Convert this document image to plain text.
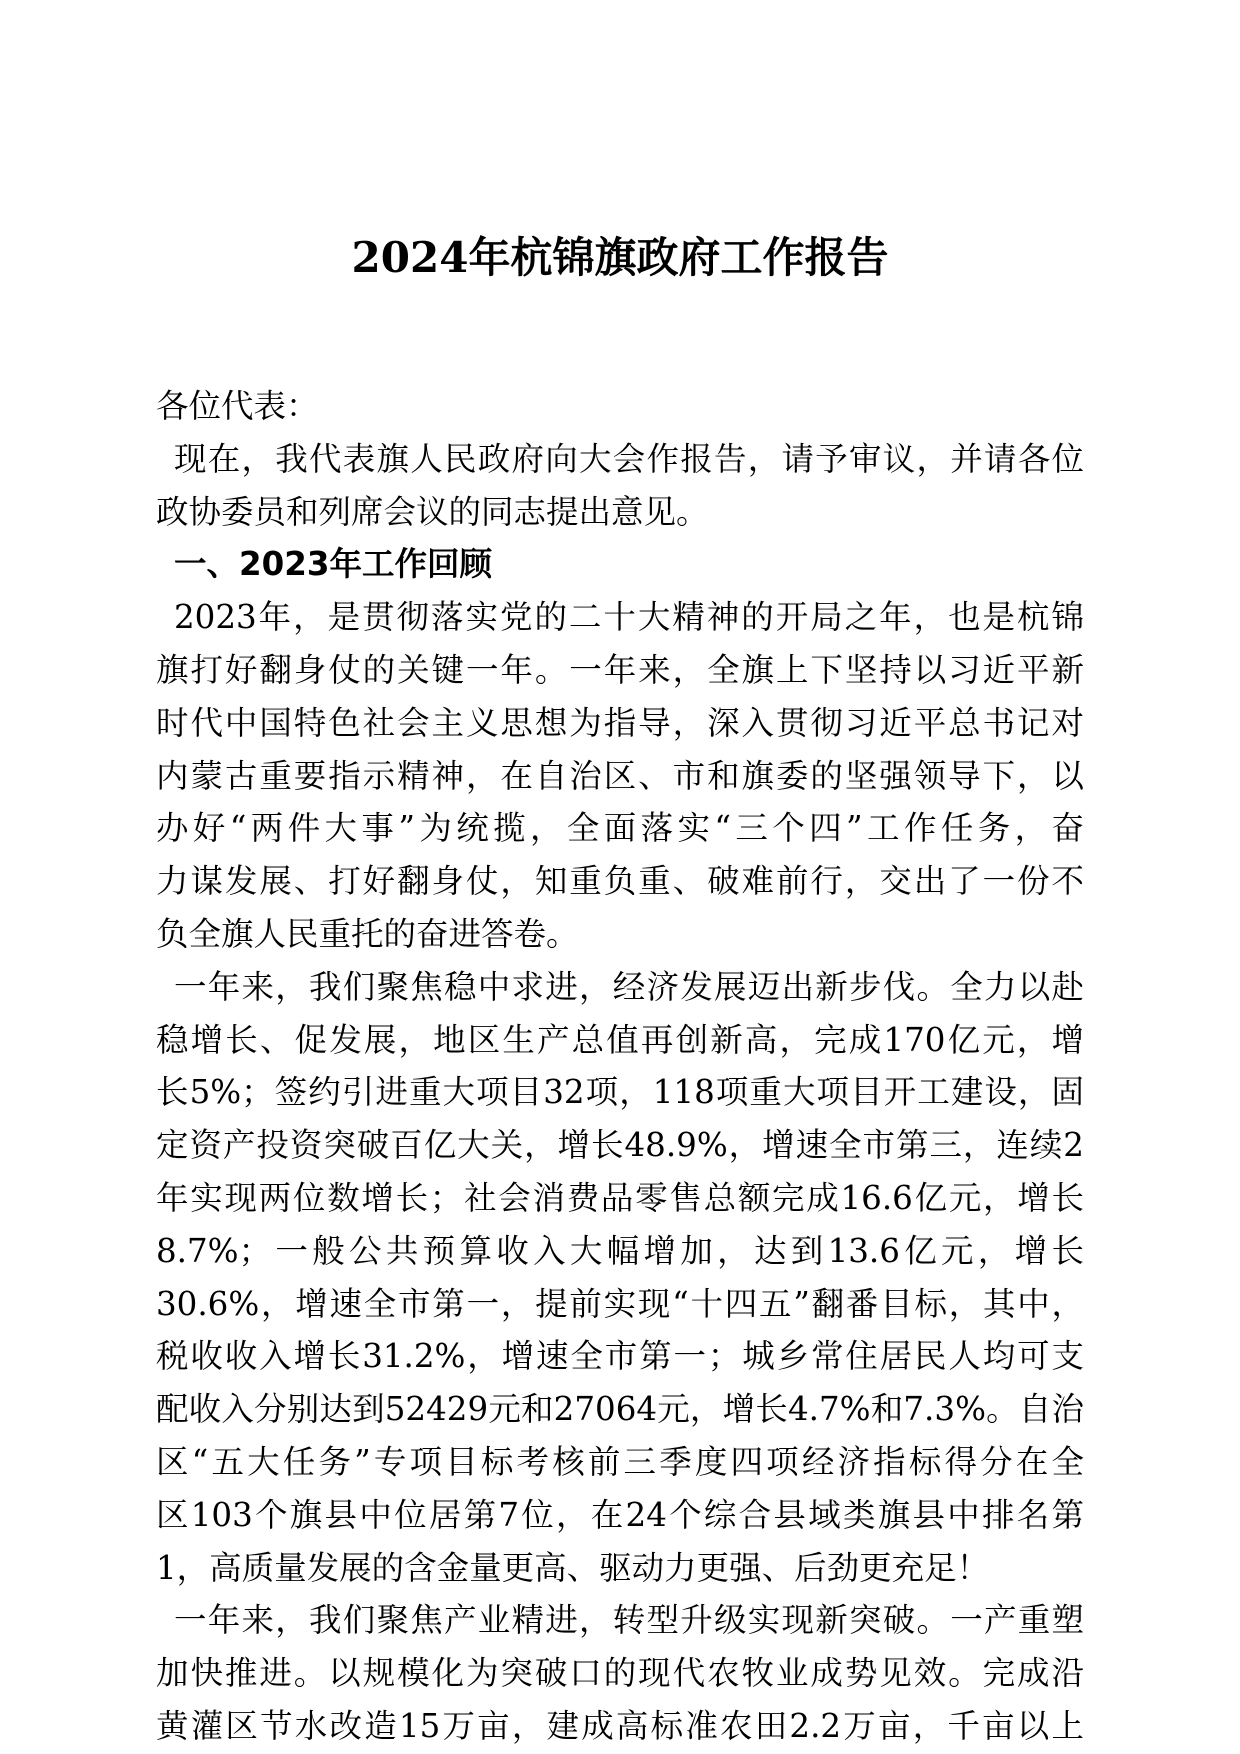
2024年杭锦旗政府工作报告
各位代表：
现在，我代表旗人民政府向大会作报告，请予审议，并请各位
政协委员和列席会议的同志提出意见。
一、2023年工作回顾
2023年，是贯彻落实党的二十大精神的开局之年，也是杭锦
旗打好翻身仗的关键一年。一年来，全旗上下坚持以习近平新
时代中国特色社会主义思想为指导，深入贯彻习近平总书记对
内蒙古重要指示精神，在自治区、市和旗委的坚强领导下，以
办好“两件大事”为统揽，全面落实“三个四”工作任务，奋
力谋发展、打好翻身仗，知重负重、破难前行，交出了一份不
负全旗人民重托的奋进答卷。
一年来，我们聚焦稳中求进，经济发展迈出新步伐。全力以赴
稳增长、促发展，地区生产总值再创新高，完成170亿元，增
长5%；签约引进重大项目32项，118项重大项目开工建设，固
定资产投资突破百亿大关，增长48.9%，增速全市第三，连续2
年实现两位数增长；社会消费品零售总额完成16.6亿元，增长
8.7%；一般公共预算收入大幅增加，达到13.6亿元，增长
30.6%，增速全市第一，提前实现“十四五”翻番目标，其中，
税收收入增长31.2%，增速全市第一；城乡常住居民人均可支
配收入分别达到52429元和27064元，增长4.7%和7.3%。自治
区“五大任务”专项目标考核前三季度四项经济指标得分在全
区103个旗县中位居第7位，在24个综合县域类旗县中排名第
1，高质量发展的含金量更高、驱动力更强、后劲更充足！
一年来，我们聚焦产业精进，转型升级实现新突破。一产重塑
加快推进。以规模化为突破口的现代农牧业成势见效。完成沿
黄灌区节水改造15万亩，建成高标准农田2.2万亩，千亩以上
